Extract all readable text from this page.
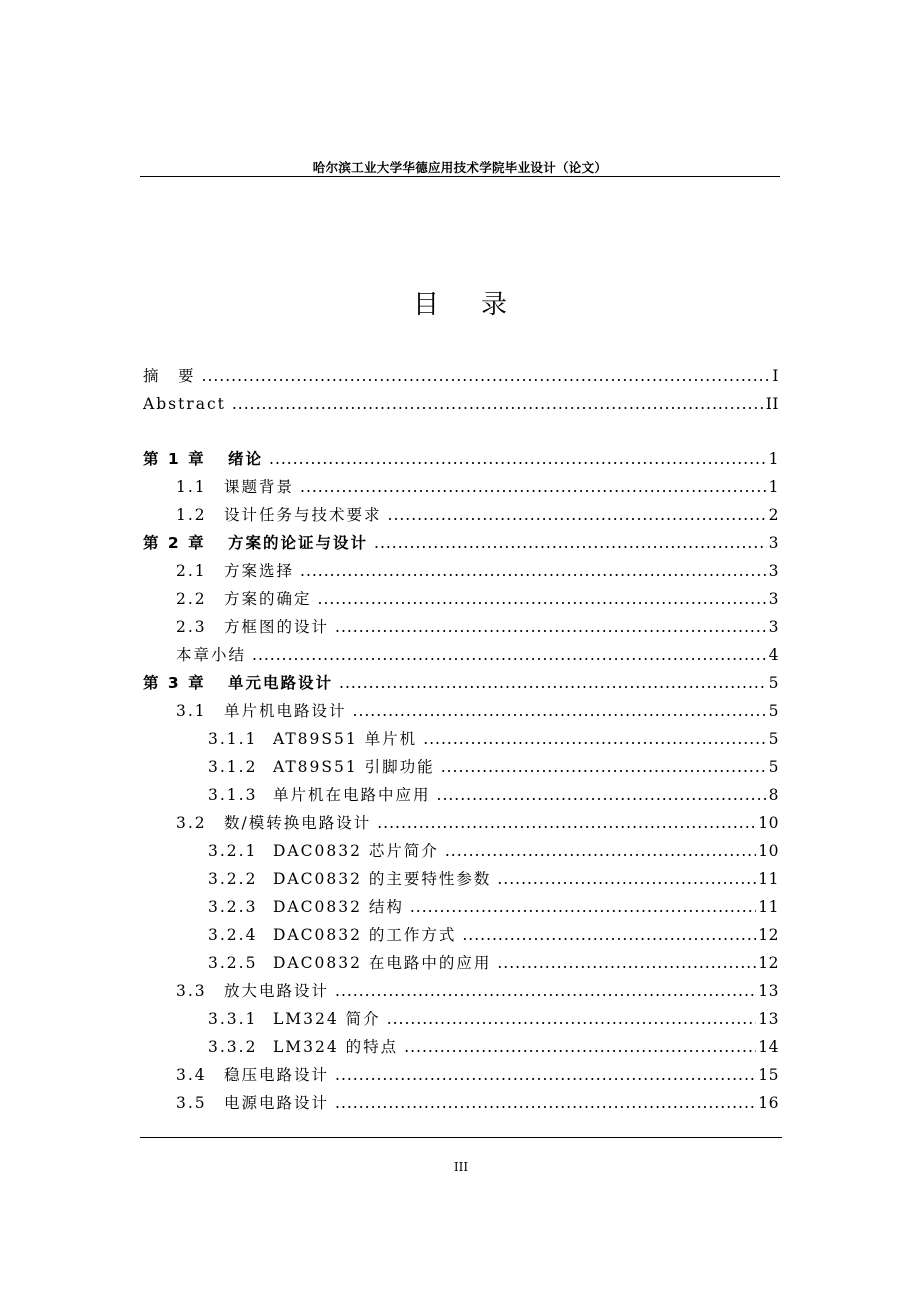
哈尔滨工业大学华德应用技术学院毕业设计（论文）
目录
摘　要 .....	I
Abstract .....	II
第 1 章	绪论 .....	1
1.1	课题背景 .....	1
1.2	设计任务与技术要求 .....	2
第 2 章	方案的论证与设计 .....	3
2.1	方案选择 .....	3
2.2	方案的确定 .....	3
2.3	方框图的设计 .....	3
本章小结 .....	4
第 3 章	单元电路设计 .....	5
3.1	单片机电路设计 .....	5
3.1.1	AT89S51 单片机 .....	5
3.1.2	AT89S51 引脚功能 .....	5
3.1.3	单片机在电路中应用 .....	8
3.2	数/模转换电路设计 .....	10
3.2.1	DAC0832 芯片简介 .....	10
3.2.2	DAC0832 的主要特性参数 .....	11
3.2.3	DAC0832 结构 .....	11
3.2.4	DAC0832 的工作方式 .....	12
3.2.5	DAC0832 在电路中的应用 .....	12
3.3	放大电路设计 .....	13
3.3.1	LM324 简介 .....	13
3.3.2	LM324 的特点 .....	14
3.4	稳压电路设计 .....	15
3.5	电源电路设计 .....	16
III
